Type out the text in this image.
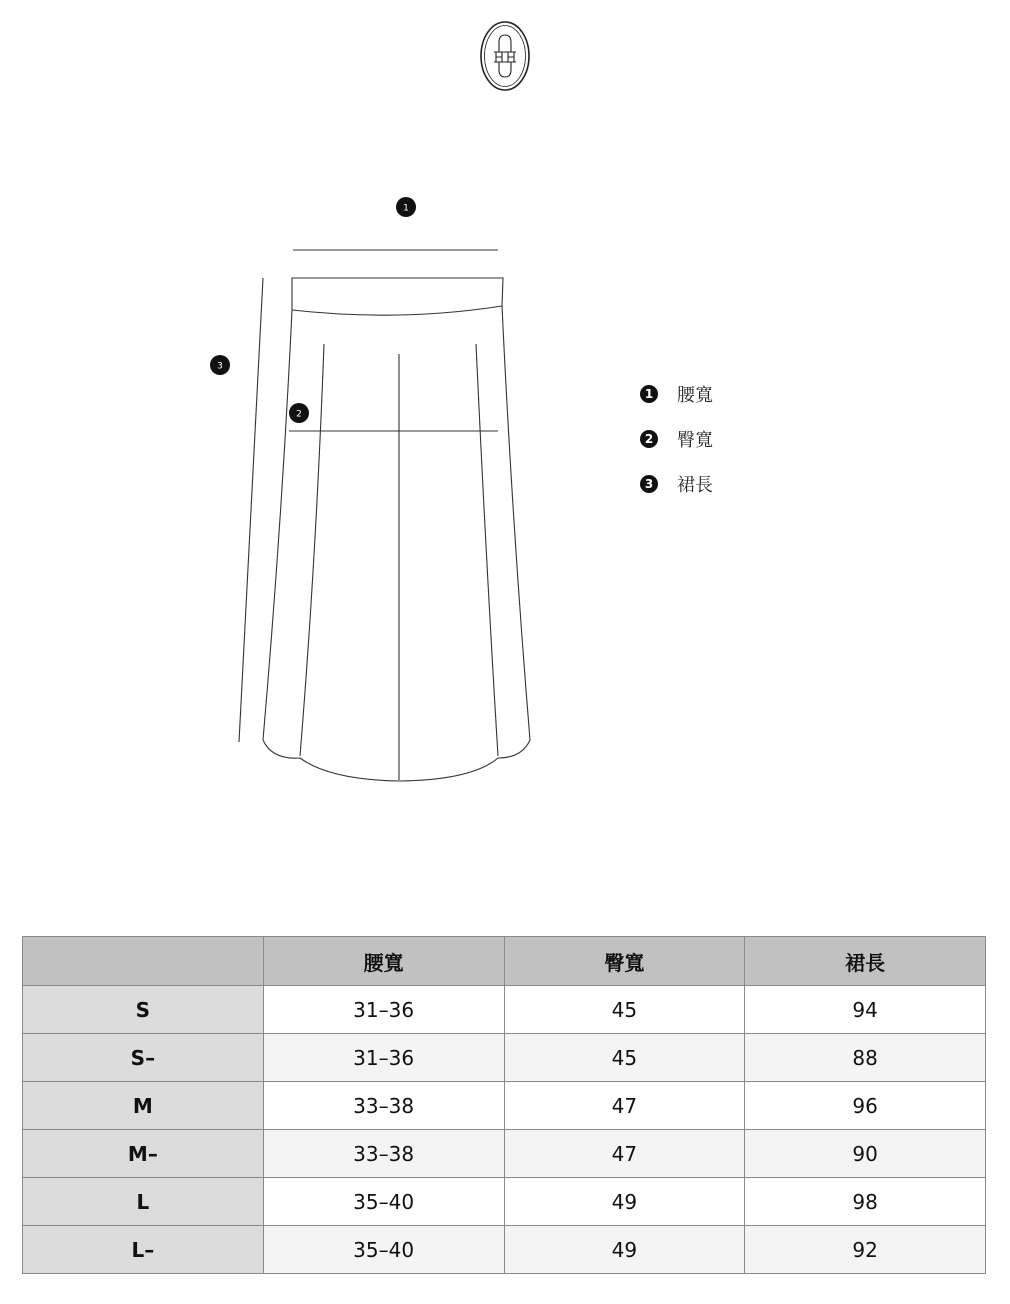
1
3
2
1 腰寬
2 臀寬
3 裙長
	腰寬	臀寬	裙長
S	31–36	45	94
S–	31–36	45	88
M	33–38	47	96
M–	33–38	47	90
L	35–40	49	98
L–	35–40	49	92
